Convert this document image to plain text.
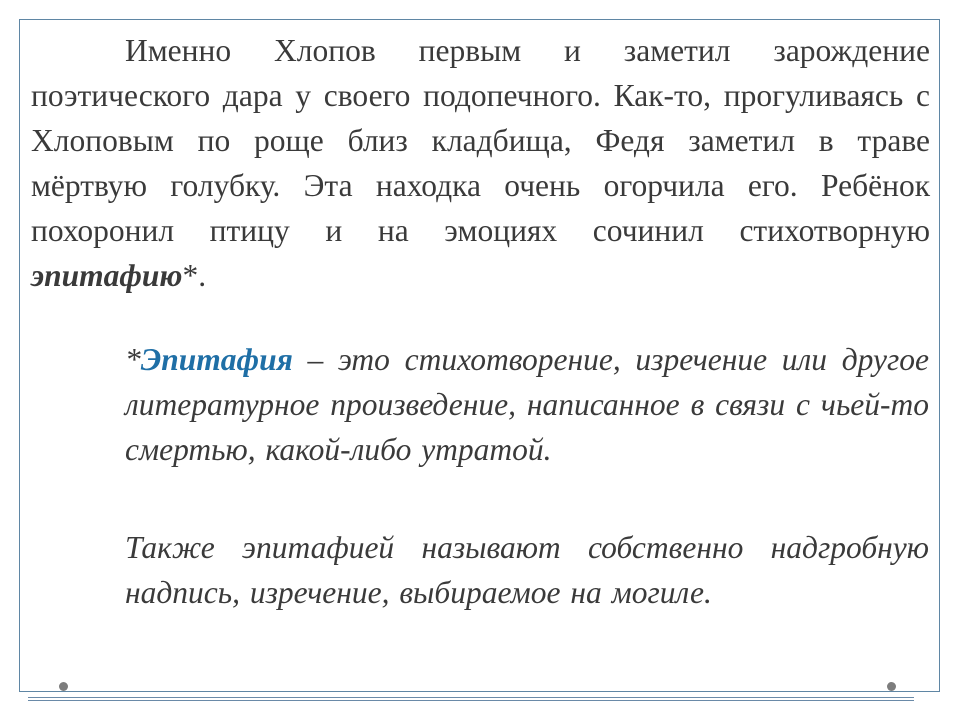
Именно Хлопов первым и заметил зарождение поэтического дара у своего подопечного. Как-то, прогуливаясь с Хлоповым по роще близ кладбища, Федя заметил в траве мёртвую голубку. Эта находка очень огорчила его. Ребёнок похоронил птицу и на эмоциях сочинил стихотворную эпитафию*.
*Эпитафия – это стихотворение, изречение или другое литературное произведение, написанное в связи с чьей-то смертью, какой-либо утратой.
Также эпитафией называют собственно надгробную надпись, изречение, выбираемое на могиле.
